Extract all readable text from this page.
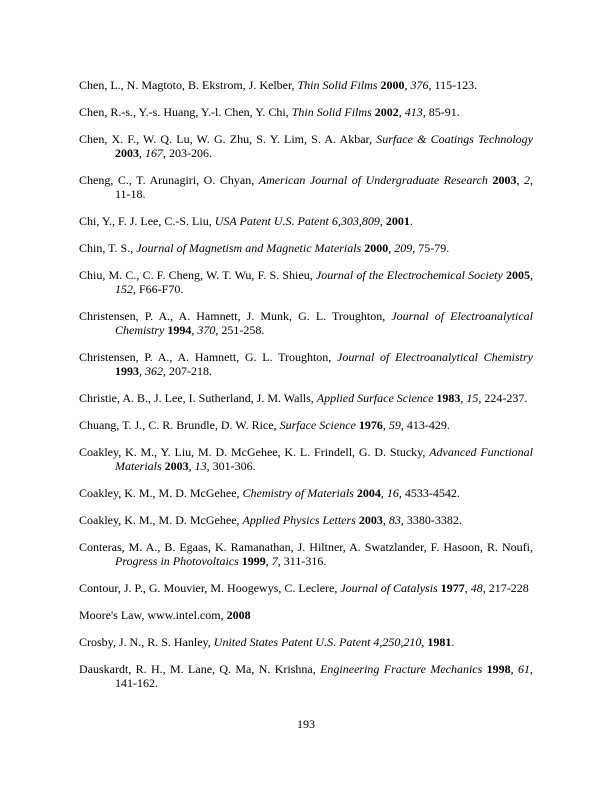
Chen, L., N. Magtoto, B. Ekstrom, J. Kelber, Thin Solid Films 2000, 376, 115-123.

Chen, R.-s., Y.-s. Huang, Y.-l. Chen, Y. Chi, Thin Solid Films 2002, 413, 85-91.

Chen, X. F., W. Q. Lu, W. G. Zhu, S. Y. Lim, S. A. Akbar, Surface & Coatings Technology 2003, 167, 203-206.

Cheng, C., T. Arunagiri, O. Chyan, American Journal of Undergraduate Research 2003, 2, 11-18.

Chi, Y., F. J. Lee, C.-S. Liu, USA Patent U.S. Patent 6,303,809, 2001.

Chin, T. S., Journal of Magnetism and Magnetic Materials 2000, 209, 75-79.

Chiu, M. C., C. F. Cheng, W. T. Wu, F. S. Shieu, Journal of the Electrochemical Society 2005, 152, F66-F70.

Christensen, P. A., A. Hamnett, J. Munk, G. L. Troughton, Journal of Electroanalytical Chemistry 1994, 370, 251-258.

Christensen, P. A., A. Hamnett, G. L. Troughton, Journal of Electroanalytical Chemistry 1993, 362, 207-218.

Christie, A. B., J. Lee, I. Sutherland, J. M. Walls, Applied Surface Science 1983, 15, 224-237.

Chuang, T. J., C. R. Brundle, D. W. Rice, Surface Science 1976, 59, 413-429.

Coakley, K. M., Y. Liu, M. D. McGehee, K. L. Frindell, G. D. Stucky, Advanced Functional Materials 2003, 13, 301-306.

Coakley, K. M., M. D. McGehee, Chemistry of Materials 2004, 16, 4533-4542.

Coakley, K. M., M. D. McGehee, Applied Physics Letters 2003, 83, 3380-3382.

Conteras, M. A., B. Egaas, K. Ramanathan, J. Hiltner, A. Swatzlander, F. Hasoon, R. Noufi, Progress in Photovoltaics 1999, 7, 311-316.

Contour, J. P., G. Mouvier, M. Hoogewys, C. Leclere, Journal of Catalysis 1977, 48, 217-228

Moore's Law, www.intel.com, 2008

Crosby, J. N., R. S. Hanley, United States Patent U.S. Patent 4,250,210, 1981.

Dauskardt, R. H., M. Lane, Q. Ma, N. Krishna, Engineering Fracture Mechanics 1998, 61, 141-162.

193
